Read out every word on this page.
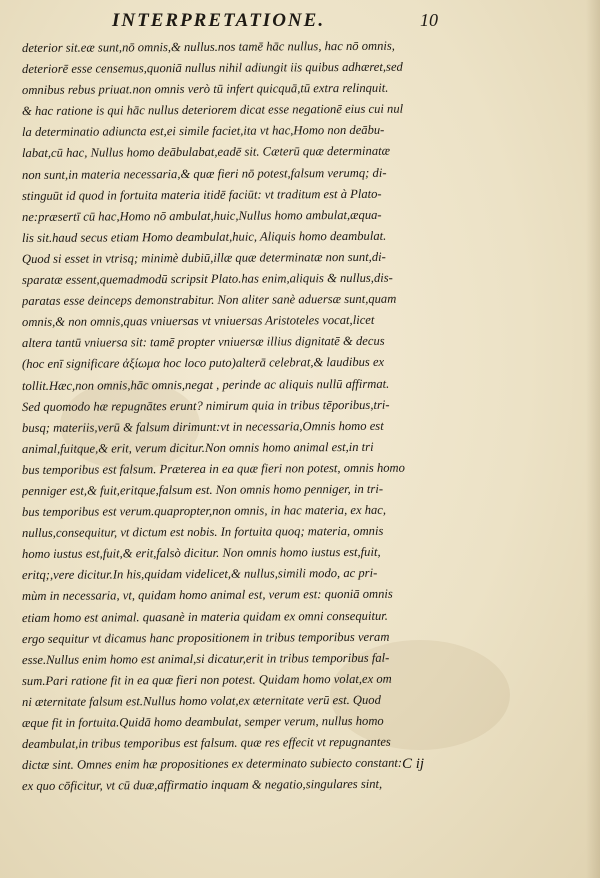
INTERPRETATIONE.	10
deterior sit.eæ sunt,nō omnis,& nullus.nos tamē hāc nullus, hac nō omnis,
deteriorē esse censemus,quoniā nullus nihil adiungit iis quibus adhæret,sed
omnibus rebus priuat.non omnis verò tū infert quicquā,tū extra relinquit.
& hac ratione is qui hāc nullus deteriorem dicat esse negationē eius cui nul
la determinatio adiuncta est,ei simile faciet,ita vt hac,Homo non deābu-
labat,cū hac, Nullus homo deābulabat,eadē sit. Cæterū quæ determinatæ
non sunt,in materia necessaria,& quæ fieri nō potest,falsum verumq; di-
stinguūt id quod in fortuita materia itidē faciūt: vt traditum est à Plato-
ne:præsertī cū hac,Homo nō ambulat,huic,Nullus homo ambulat,æqua-
lis sit.haud secus etiam Homo deambulat,huic, Aliquis homo deambulat.
Quod si esset in vtrisq; minimè dubiū,illæ quæ determinatæ non sunt,di-
sparatæ essent,quemadmodū scripsit Plato.has enim,aliquis & nullus,dis-
paratas esse deinceps demonstrabitur. Non aliter sanè aduersæ sunt,quam
omnis,& non omnis,quas vniuersas vt vniuersas Aristoteles vocat,licet
altera tantū vniuersa sit: tamē propter vniuersæ illius dignitatē & decus
(hoc enī significare ἀξίωμα hoc loco puto)alterā celebrat,& laudibus ex
tollit.Hæc,non omnis,hāc omnis,negat , perinde ac aliquis nullū affirmat.
Sed quomodo hæ repugnātes erunt? nimirum quia in tribus tēporibus,tri-
busq; materiis,verū & falsum dirimunt:vt in necessaria,Omnis homo est
animal,fuitque,& erit, verum dicitur.Non omnis homo animal est,in tri
bus temporibus est falsum. Præterea in ea quæ fieri non potest, omnis homo
penniger est,& fuit,eritque,falsum est. Non omnis homo penniger, in tri-
bus temporibus est verum.quapropter,non omnis, in hac materia, ex hac,
nullus,consequitur, vt dictum est nobis. In fortuita quoq; materia, omnis
homo iustus est,fuit,& erit,falsò dicitur. Non omnis homo iustus est,fuit,
eritq;,vere dicitur.In his,quidam videlicet,& nullus,simili modo, ac pri-
mùm in necessaria, vt, quidam homo animal est, verum est: quoniā omnis
etiam homo est animal. quasanè in materia quidam ex omni consequitur.
ergo sequitur vt dicamus hanc propositionem in tribus temporibus veram
esse.Nullus enim homo est animal,si dicatur,erit in tribus temporibus fal-
sum.Pari ratione fit in ea quæ fieri non potest. Quidam homo volat,ex om
ni æternitate falsum est.Nullus homo volat,ex æternitate verū est. Quod
æque fit in fortuita.Quidā homo deambulat, semper verum, nullus homo
deambulat,in tribus temporibus est falsum. quæ res effecit vt repugnantes
dictæ sint. Omnes enim hæ propositiones ex determinato subiecto constant:
ex quo cōficitur, vt cū duæ,affirmatio inquam & negatio,singulares sint,
C ij
